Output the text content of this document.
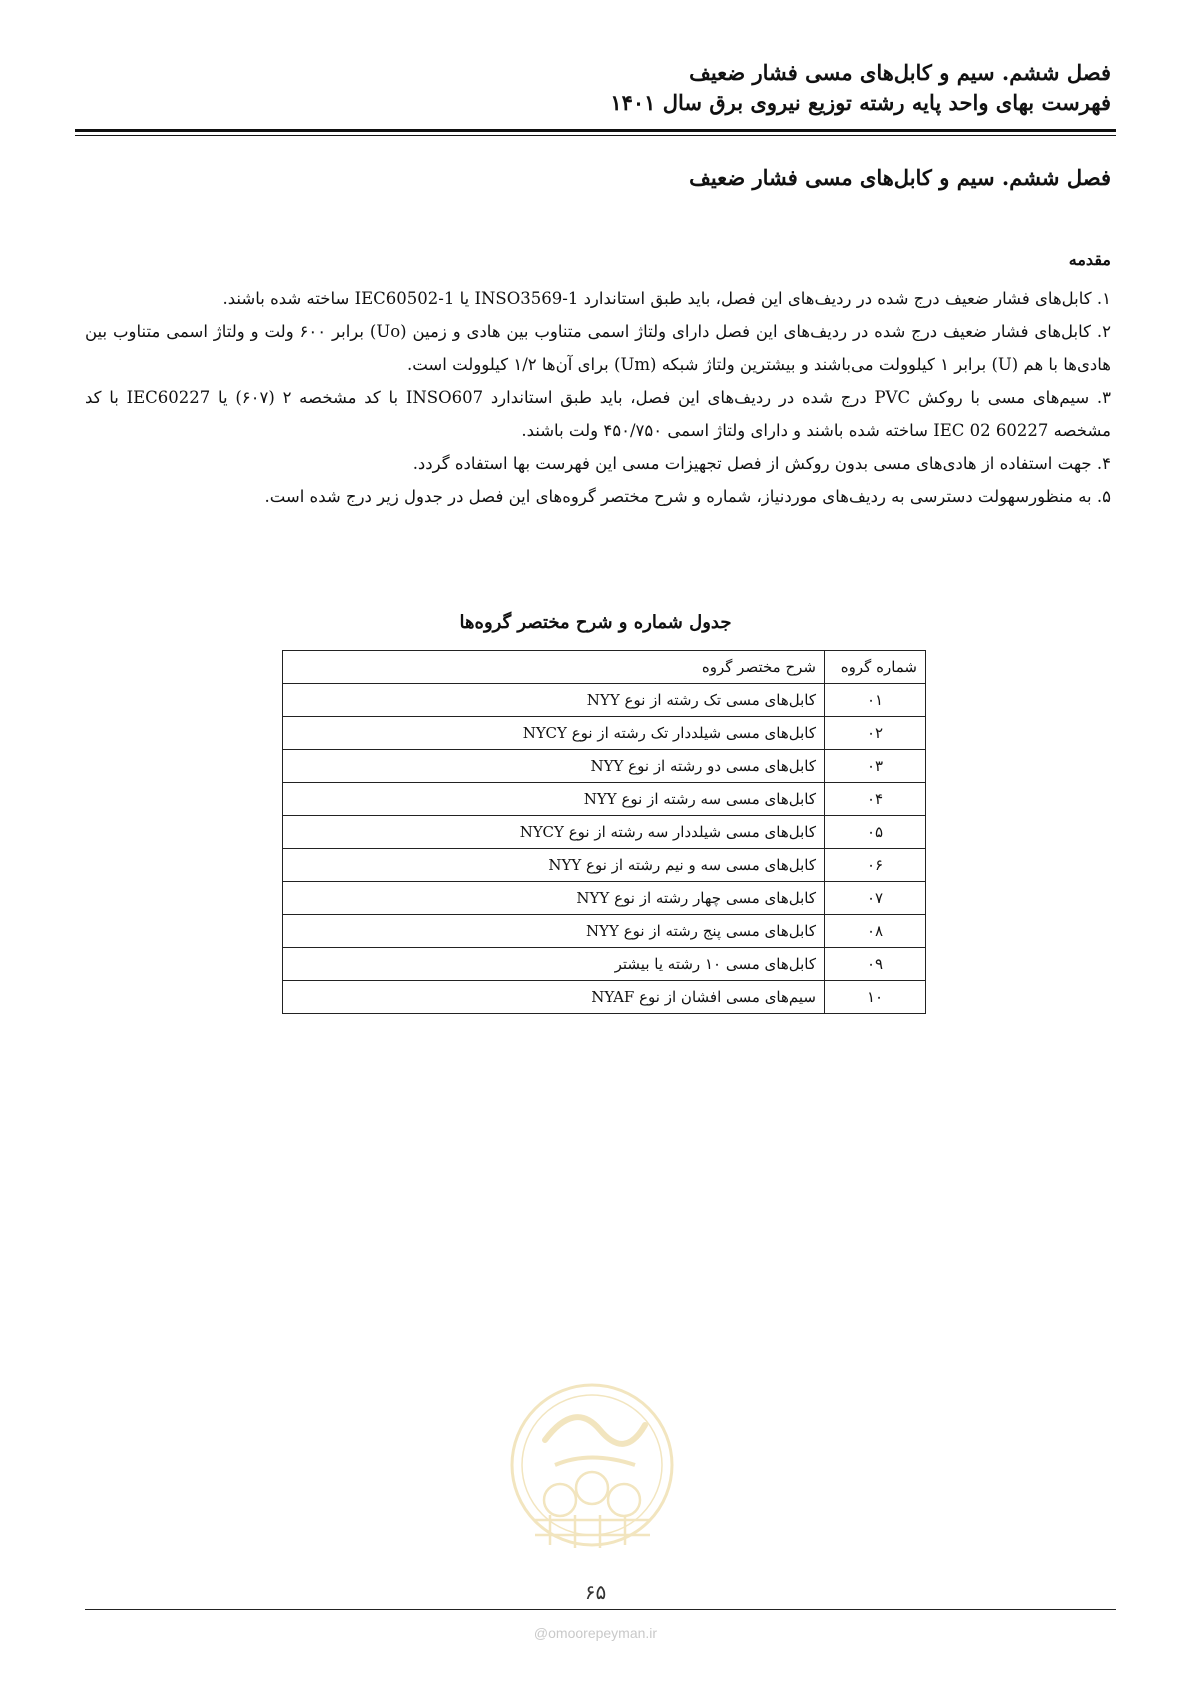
فصل ششم. سیم و کابل‌های مسی فشار ضعیف
فهرست بهای واحد پایه رشته توزیع نیروی برق سال ۱۴۰۱
فصل ششم. سیم و کابل‌های مسی فشار ضعیف
مقدمه

۱. کابل‌های فشار ضعیف درج شده در ردیف‌های این فصل، باید طبق استاندارد INSO3569-1 یا IEC60502-1 ساخته شده باشند.

۲. کابل‌های فشار ضعیف درج شده در ردیف‌های این فصل دارای ولتاژ اسمی متناوب بین هادی و زمین (Uo) برابر ۶۰۰ ولت و ولتاژ اسمی متناوب بین هادی‌ها با هم (U) برابر ۱ کیلوولت می‌باشند و بیشترین ولتاژ شبکه (Um) برای آن‌ها ۱/۲ کیلوولت است.

۳. سیم‌های مسی با روکش PVC درج شده در ردیف‌های این فصل، باید طبق استاندارد INSO607 با کد مشخصه ۲ (۶۰۷) یا IEC60227 با کد مشخصه 60227 IEC 02 ساخته شده باشند و دارای ولتاژ اسمی ۴۵۰/۷۵۰ ولت باشند.

۴. جهت استفاده از هادی‌های مسی بدون روکش از فصل تجهیزات مسی این فهرست بها استفاده گردد.

۵. به منظورسهولت دسترسی به ردیف‌های موردنیاز، شماره و شرح مختصر گروه‌های این فصل در جدول زیر درج شده است.

جدول شماره و شرح مختصر گروه‌ها
شماره گروه	شرح مختصر گروه
۰۱	کابل‌های مسی تک رشته از نوع NYY
۰۲	کابل‌های مسی شیلددار تک رشته از نوع NYCY
۰۳	کابل‌های مسی دو رشته از نوع NYY
۰۴	کابل‌های مسی سه رشته از نوع NYY
۰۵	کابل‌های مسی شیلددار سه رشته از نوع NYCY
۰۶	کابل‌های مسی سه و نیم رشته از نوع NYY
۰۷	کابل‌های مسی چهار رشته از نوع NYY
۰۸	کابل‌های مسی پنج رشته از نوع NYY
۰۹	کابل‌های مسی ۱۰ رشته یا بیشتر
۱۰	سیم‌های مسی افشان از نوع NYAF
۶۵
@omoorepeyman.ir
